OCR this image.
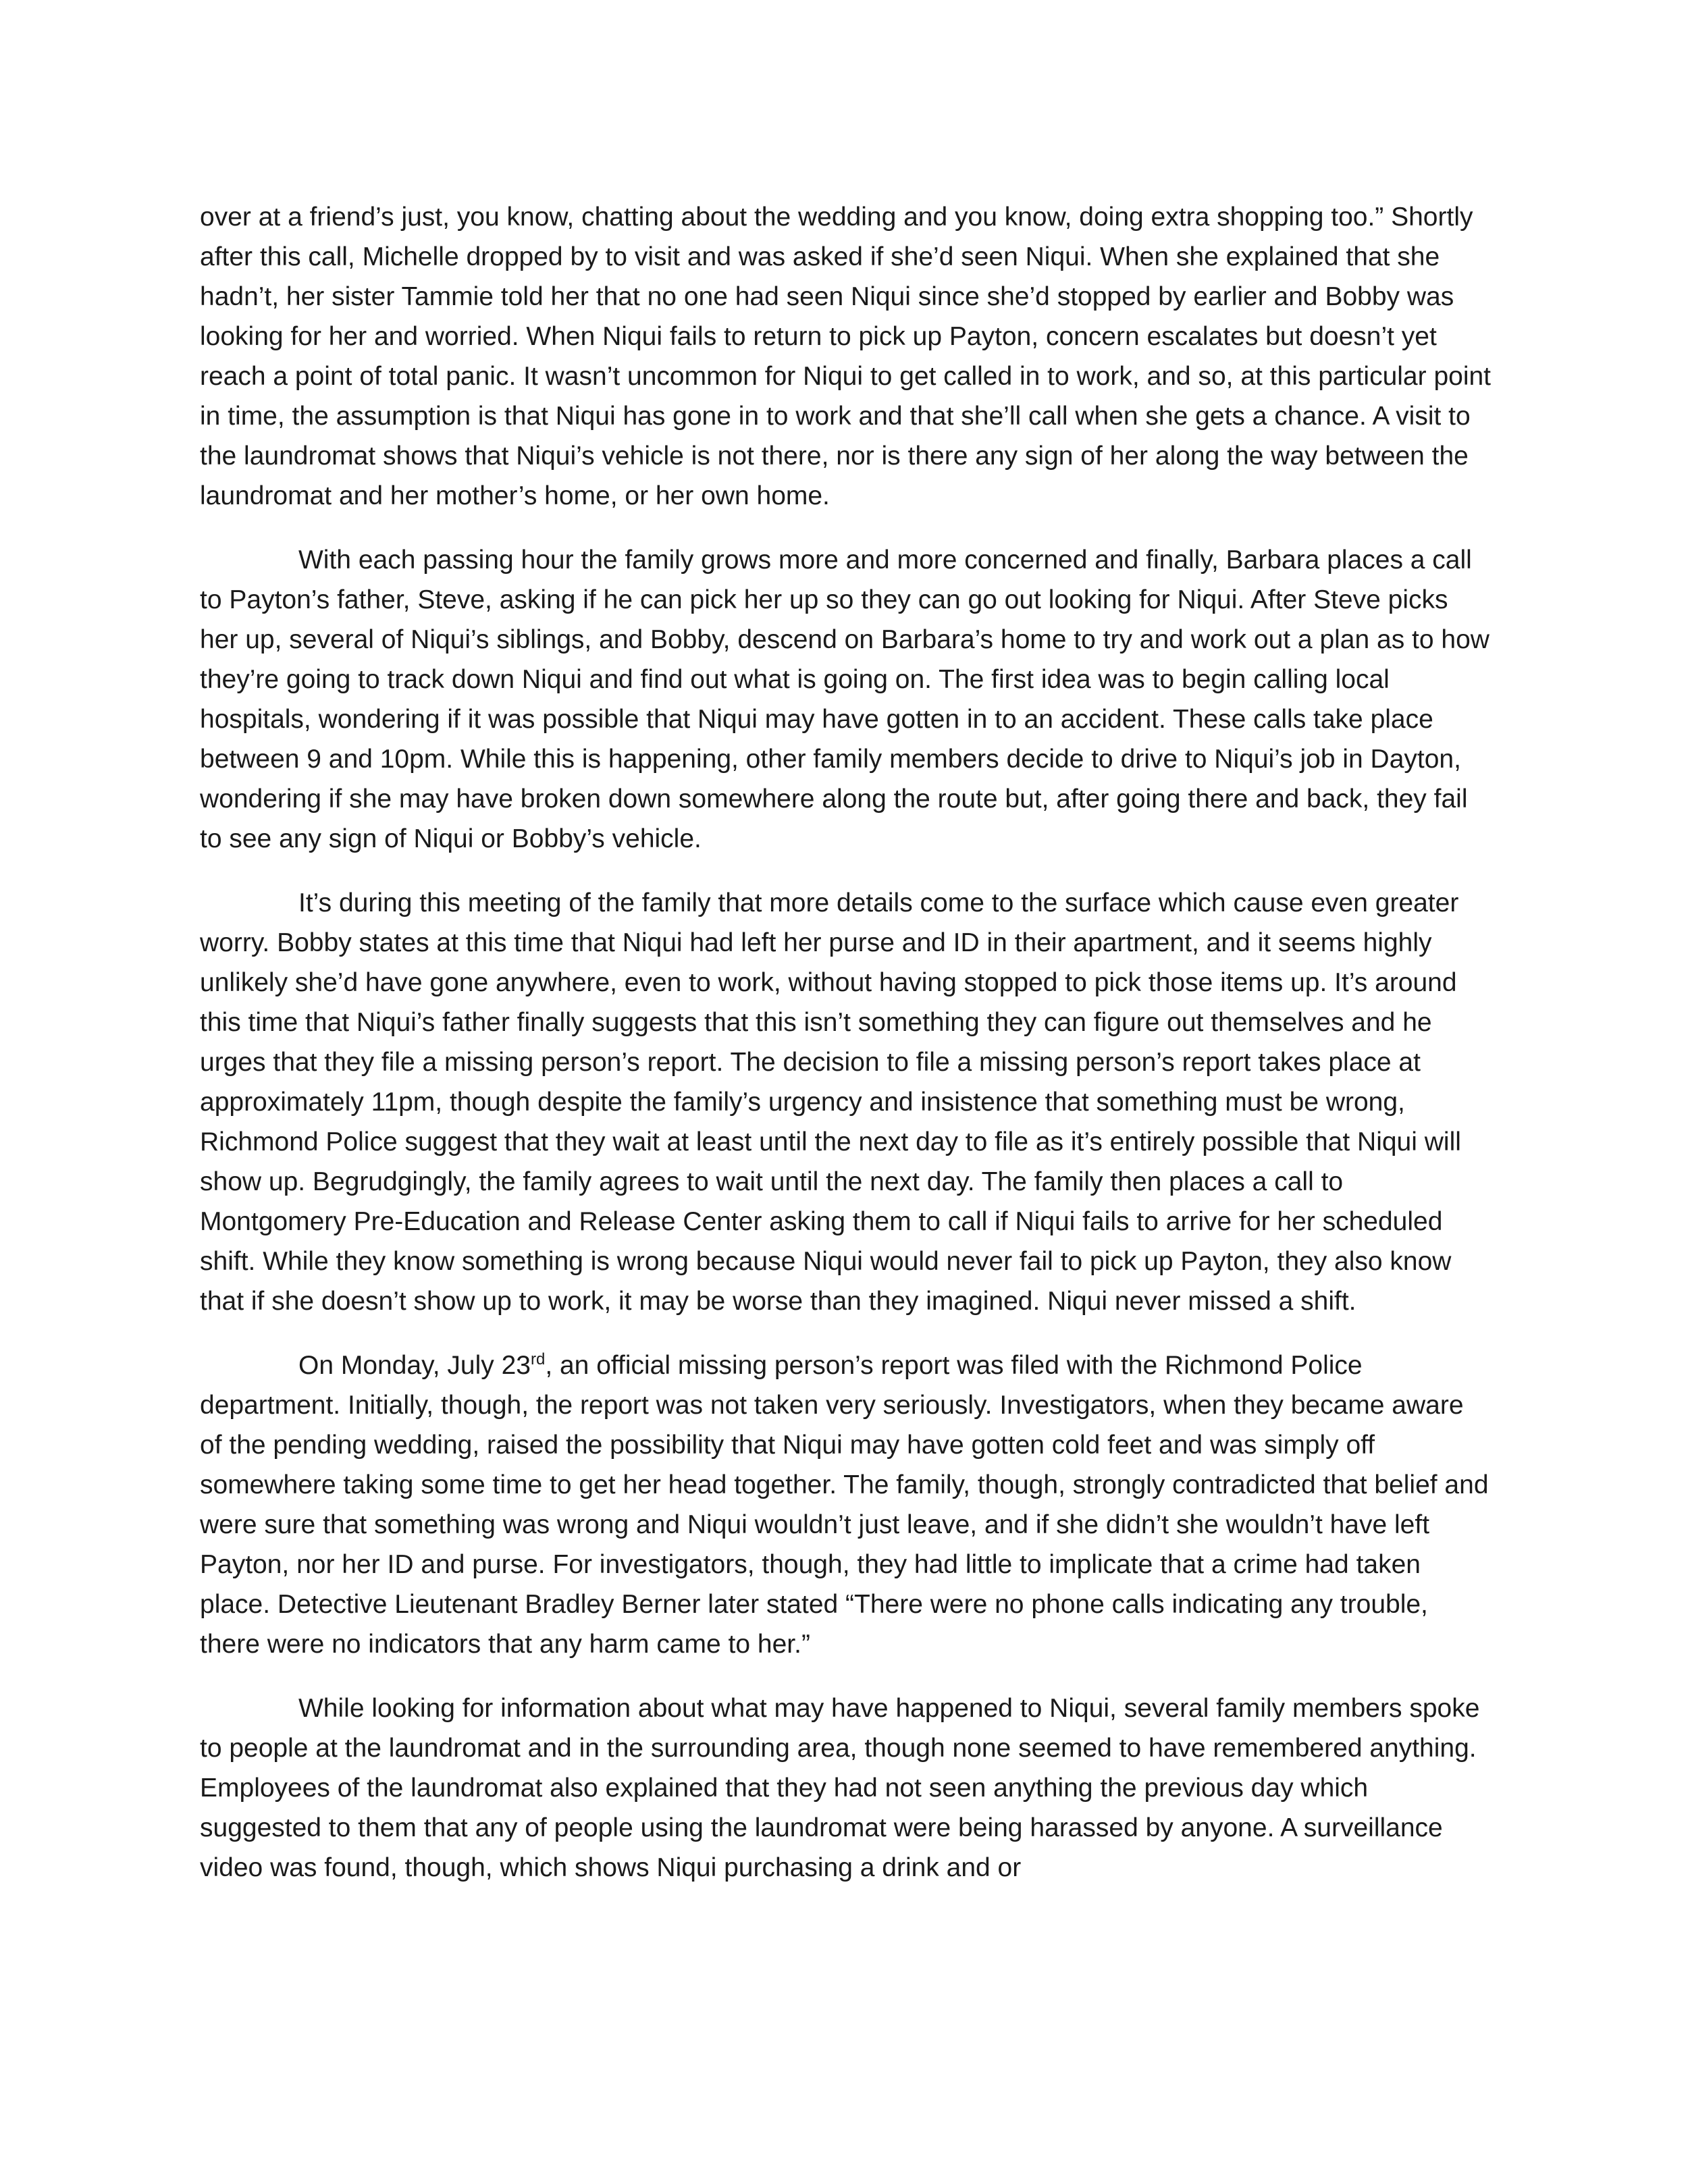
over at a friend’s just, you know, chatting about the wedding and you know, doing extra shopping too.” Shortly after this call, Michelle dropped by to visit and was asked if she’d seen Niqui. When she explained that she hadn’t, her sister Tammie told her that no one had seen Niqui since she’d stopped by earlier and Bobby was looking for her and worried. When Niqui fails to return to pick up Payton, concern escalates but doesn’t yet reach a point of total panic. It wasn’t uncommon for Niqui to get called in to work, and so, at this particular point in time, the assumption is that Niqui has gone in to work and that she’ll call when she gets a chance. A visit to the laundromat shows that Niqui’s vehicle is not there, nor is there any sign of her along the way between the laundromat and her mother’s home, or her own home.

With each passing hour the family grows more and more concerned and finally, Barbara places a call to Payton’s father, Steve, asking if he can pick her up so they can go out looking for Niqui. After Steve picks her up, several of Niqui’s siblings, and Bobby, descend on Barbara’s home to try and work out a plan as to how they’re going to track down Niqui and find out what is going on. The first idea was to begin calling local hospitals, wondering if it was possible that Niqui may have gotten in to an accident. These calls take place between 9 and 10pm. While this is happening, other family members decide to drive to Niqui’s job in Dayton, wondering if she may have broken down somewhere along the route but, after going there and back, they fail to see any sign of Niqui or Bobby’s vehicle.

It’s during this meeting of the family that more details come to the surface which cause even greater worry. Bobby states at this time that Niqui had left her purse and ID in their apartment, and it seems highly unlikely she’d have gone anywhere, even to work, without having stopped to pick those items up. It’s around this time that Niqui’s father finally suggests that this isn’t something they can figure out themselves and he urges that they file a missing person’s report. The decision to file a missing person’s report takes place at approximately 11pm, though despite the family’s urgency and insistence that something must be wrong, Richmond Police suggest that they wait at least until the next day to file as it’s entirely possible that Niqui will show up. Begrudgingly, the family agrees to wait until the next day. The family then places a call to Montgomery Pre-Education and Release Center asking them to call if Niqui fails to arrive for her scheduled shift. While they know something is wrong because Niqui would never fail to pick up Payton, they also know that if she doesn’t show up to work, it may be worse than they imagined. Niqui never missed a shift.

On Monday, July 23rd, an official missing person’s report was filed with the Richmond Police department. Initially, though, the report was not taken very seriously. Investigators, when they became aware of the pending wedding, raised the possibility that Niqui may have gotten cold feet and was simply off somewhere taking some time to get her head together. The family, though, strongly contradicted that belief and were sure that something was wrong and Niqui wouldn’t just leave, and if she didn’t she wouldn’t have left Payton, nor her ID and purse. For investigators, though, they had little to implicate that a crime had taken place. Detective Lieutenant Bradley Berner later stated “There were no phone calls indicating any trouble, there were no indicators that any harm came to her.”

While looking for information about what may have happened to Niqui, several family members spoke to people at the laundromat and in the surrounding area, though none seemed to have remembered anything. Employees of the laundromat also explained that they had not seen anything the previous day which suggested to them that any of people using the laundromat were being harassed by anyone. A surveillance video was found, though, which shows Niqui purchasing a drink and or
